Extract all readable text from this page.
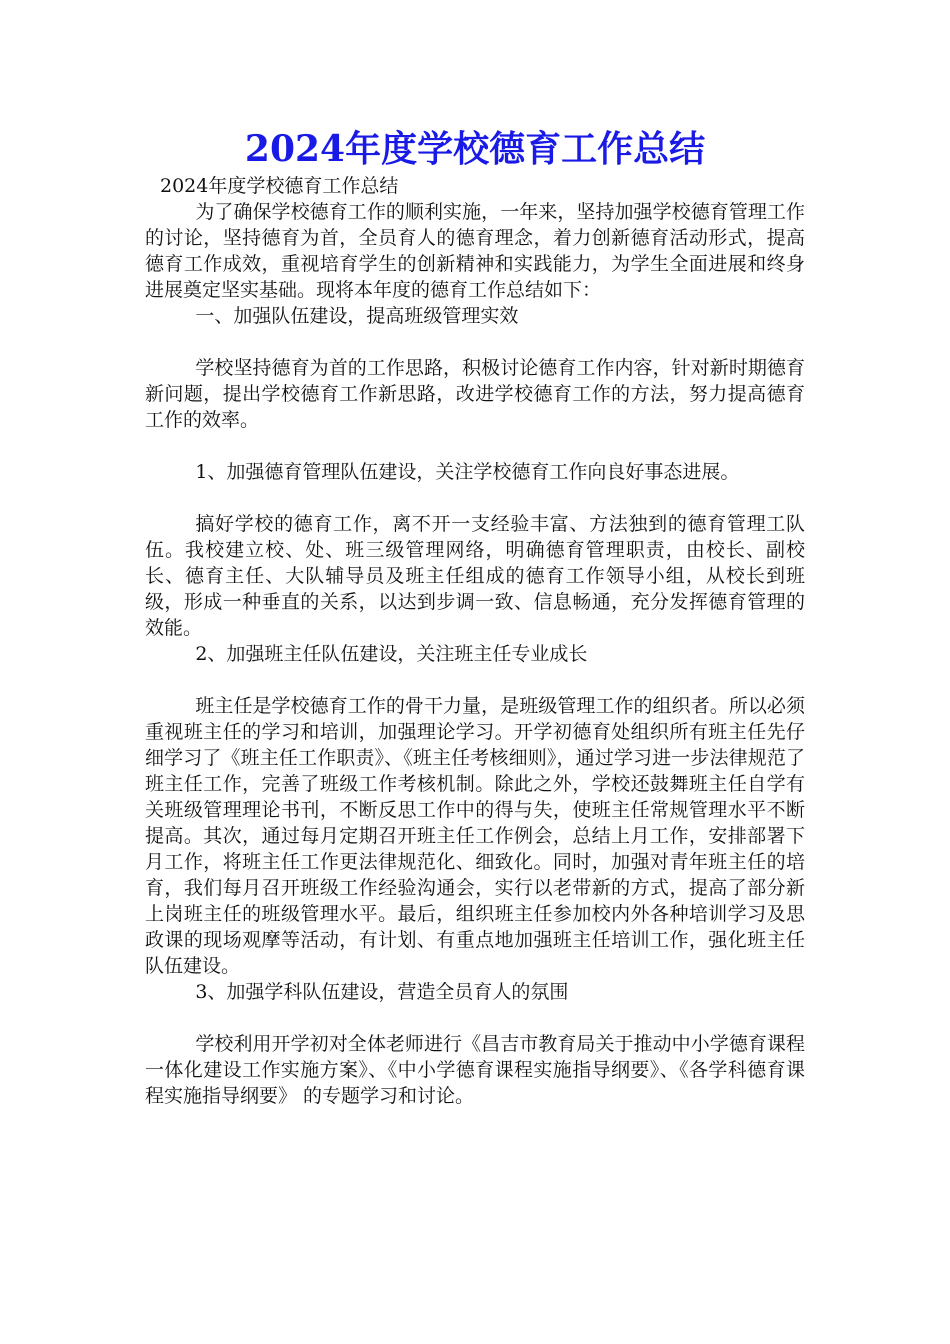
2024年度学校德育工作总结

2024年度学校德育工作总结

为了确保学校德育工作的顺利实施，一年来，坚持加强学校德育管理工作的讨论，坚持德育为首，全员育人的德育理念，着力创新德育活动形式，提高德育工作成效，重视培育学生的创新精神和实践能力，为学生全面进展和终身进展奠定坚实基础。现将本年度的德育工作总结如下：

一、加强队伍建设，提高班级管理实效

学校坚持德育为首的工作思路，积极讨论德育工作内容，针对新时期德育新问题，提出学校德育工作新思路，改进学校德育工作的方法，努力提高德育工作的效率。

1、加强德育管理队伍建设，关注学校德育工作向良好事态进展。

搞好学校的德育工作，离不开一支经验丰富、方法独到的德育管理工队伍。我校建立校、处、班三级管理网络，明确德育管理职责，由校长、副校长、德育主任、大队辅导员及班主任组成的德育工作领导小组，从校长到班级，形成一种垂直的关系，以达到步调一致、信息畅通，充分发挥德育管理的效能。

2、加强班主任队伍建设，关注班主任专业成长

班主任是学校德育工作的骨干力量，是班级管理工作的组织者。所以必须重视班主任的学习和培训，加强理论学习。开学初德育处组织所有班主任先仔细学习了《班主任工作职责》、《班主任考核细则》，通过学习进一步法律规范了班主任工作，完善了班级工作考核机制。除此之外，学校还鼓舞班主任自学有关班级管理理论书刊，不断反思工作中的得与失，使班主任常规管理水平不断提高。其次，通过每月定期召开班主任工作例会，总结上月工作，安排部署下月工作，将班主任工作更法律规范化、细致化。同时，加强对青年班主任的培育，我们每月召开班级工作经验沟通会，实行以老带新的方式，提高了部分新上岗班主任的班级管理水平。最后，组织班主任参加校内外各种培训学习及思政课的现场观摩等活动，有计划、有重点地加强班主任培训工作，强化班主任队伍建设。

3、加强学科队伍建设，营造全员育人的氛围

学校利用开学初对全体老师进行《昌吉市教育局关于推动中小学德育课程一体化建设工作实施方案》、《中小学德育课程实施指导纲要》、《各学科德育课程实施指导纲要》 的专题学习和讨论。
